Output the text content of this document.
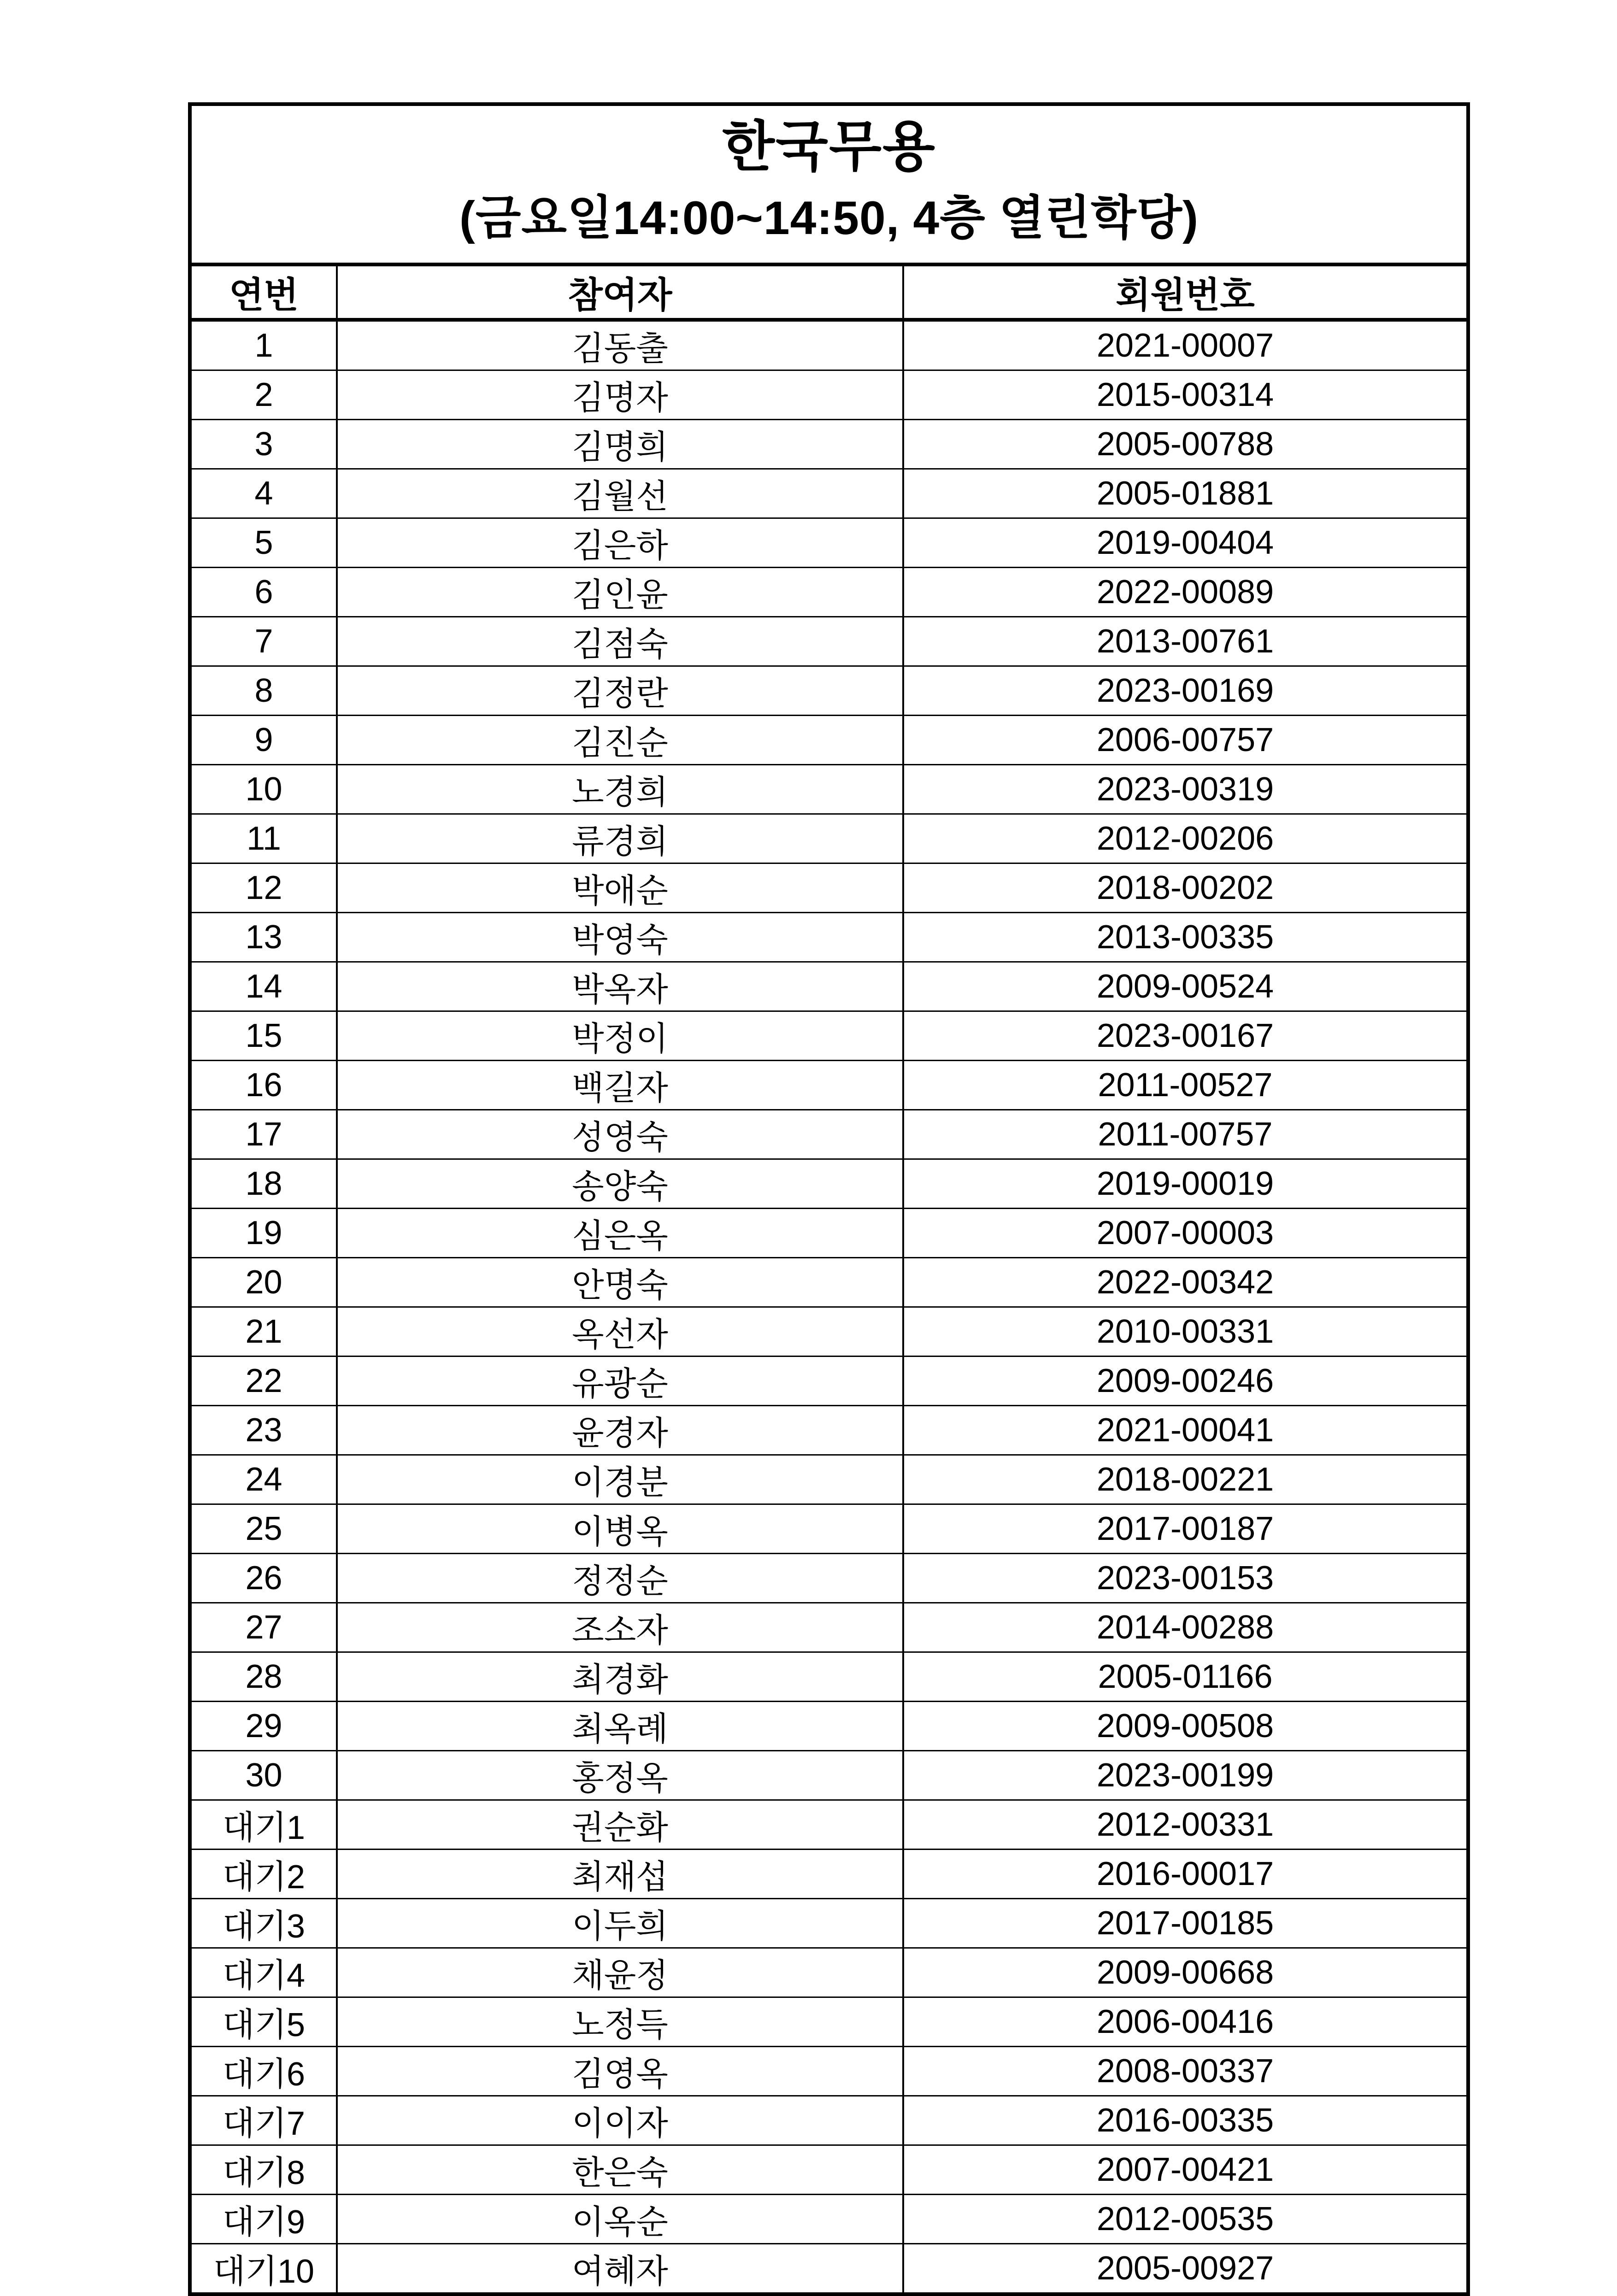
한국무용
(금요일14:00~14:50, 4층 열린학당)
연번	참여자	회원번호
1	김동출	2021-00007
2	김명자	2015-00314
3	김명희	2005-00788
4	김월선	2005-01881
5	김은하	2019-00404
6	김인윤	2022-00089
7	김점숙	2013-00761
8	김정란	2023-00169
9	김진순	2006-00757
10	노경희	2023-00319
11	류경희	2012-00206
12	박애순	2018-00202
13	박영숙	2013-00335
14	박옥자	2009-00524
15	박정이	2023-00167
16	백길자	2011-00527
17	성영숙	2011-00757
18	송양숙	2019-00019
19	심은옥	2007-00003
20	안명숙	2022-00342
21	옥선자	2010-00331
22	유광순	2009-00246
23	윤경자	2021-00041
24	이경분	2018-00221
25	이병옥	2017-00187
26	정정순	2023-00153
27	조소자	2014-00288
28	최경화	2005-01166
29	최옥례	2009-00508
30	홍정옥	2023-00199
대기1	권순화	2012-00331
대기2	최재섭	2016-00017
대기3	이두희	2017-00185
대기4	채윤정	2009-00668
대기5	노정득	2006-00416
대기6	김영옥	2008-00337
대기7	이이자	2016-00335
대기8	한은숙	2007-00421
대기9	이옥순	2012-00535
대기10	여혜자	2005-00927
